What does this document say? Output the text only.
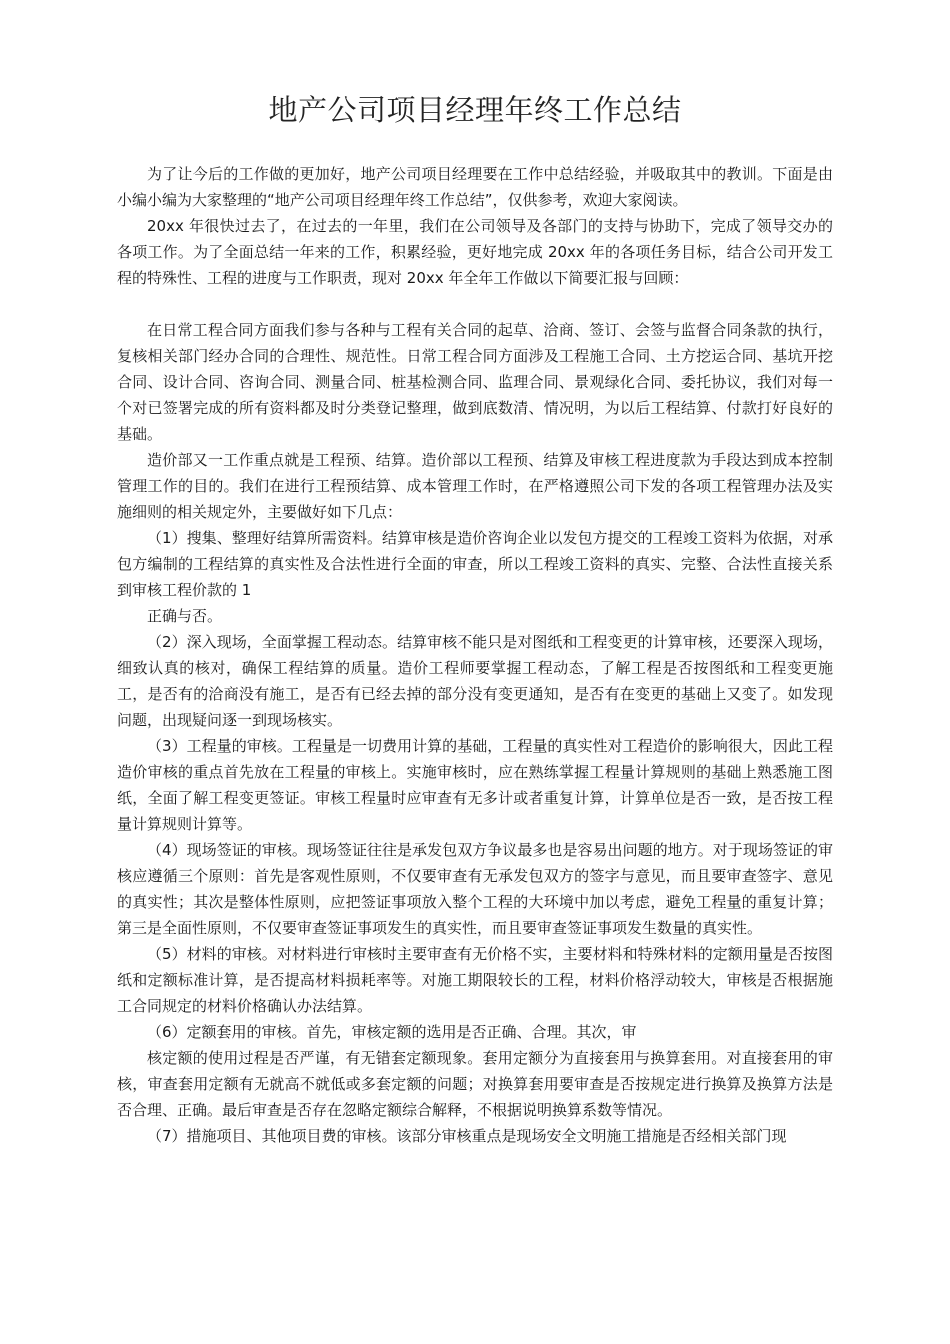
地产公司项目经理年终工作总结

为了让今后的工作做的更加好，地产公司项目经理要在工作中总结经验，并吸取其中的教训。下面是由小编小编为大家整理的“地产公司项目经理年终工作总结”，仅供参考，欢迎大家阅读。

20xx 年很快过去了，在过去的一年里，我们在公司领导及各部门的支持与协助下，完成了领导交办的各项工作。为了全面总结一年来的工作，积累经验，更好地完成 20xx 年的各项任务目标，结合公司开发工程的特殊性、工程的进度与工作职责，现对 20xx 年全年工作做以下简要汇报与回顾：

在日常工程合同方面我们参与各种与工程有关合同的起草、洽商、签订、会签与监督合同条款的执行，复核相关部门经办合同的合理性、规范性。日常工程合同方面涉及工程施工合同、土方挖运合同、基坑开挖合同、设计合同、咨询合同、测量合同、桩基检测合同、监理合同、景观绿化合同、委托协议，我们对每一个对已签署完成的所有资料都及时分类登记整理，做到底数清、情况明，为以后工程结算、付款打好良好的基础。

造价部又一工作重点就是工程预、结算。造价部以工程预、结算及审核工程进度款为手段达到成本控制管理工作的目的。我们在进行工程预结算、成本管理工作时，在严格遵照公司下发的各项工程管理办法及实施细则的相关规定外，主要做好如下几点：

（1）搜集、整理好结算所需资料。结算审核是造价咨询企业以发包方提交的工程竣工资料为依据，对承包方编制的工程结算的真实性及合法性进行全面的审查，所以工程竣工资料的真实、完整、合法性直接关系到审核工程价款的 1

正确与否。

（2）深入现场，全面掌握工程动态。结算审核不能只是对图纸和工程变更的计算审核，还要深入现场，细致认真的核对，确保工程结算的质量。造价工程师要掌握工程动态，了解工程是否按图纸和工程变更施工，是否有的洽商没有施工，是否有已经去掉的部分没有变更通知，是否有在变更的基础上又变了。如发现问题，出现疑问逐一到现场核实。

（3）工程量的审核。工程量是一切费用计算的基础，工程量的真实性对工程造价的影响很大，因此工程造价审核的重点首先放在工程量的审核上。实施审核时，应在熟练掌握工程量计算规则的基础上熟悉施工图纸，全面了解工程变更签证。审核工程量时应审查有无多计或者重复计算，计算单位是否一致，是否按工程量计算规则计算等。

（4）现场签证的审核。现场签证往往是承发包双方争议最多也是容易出问题的地方。对于现场签证的审核应遵循三个原则：首先是客观性原则，不仅要审查有无承发包双方的签字与意见，而且要审查签字、意见的真实性；其次是整体性原则，应把签证事项放入整个工程的大环境中加以考虑，避免工程量的重复计算；第三是全面性原则，不仅要审查签证事项发生的真实性，而且要审查签证事项发生数量的真实性。

（5）材料的审核。对材料进行审核时主要审查有无价格不实，主要材料和特殊材料的定额用量是否按图纸和定额标准计算，是否提高材料损耗率等。对施工期限较长的工程，材料价格浮动较大，审核是否根据施工合同规定的材料价格确认办法结算。

（6）定额套用的审核。首先，审核定额的选用是否正确、合理。其次，审

核定额的使用过程是否严谨，有无错套定额现象。套用定额分为直接套用与换算套用。对直接套用的审核，审查套用定额有无就高不就低或多套定额的问题；对换算套用要审查是否按规定进行换算及换算方法是否合理、正确。最后审查是否存在忽略定额综合解释，不根据说明换算系数等情况。

（7）措施项目、其他项目费的审核。该部分审核重点是现场安全文明施工措施是否经相关部门现
